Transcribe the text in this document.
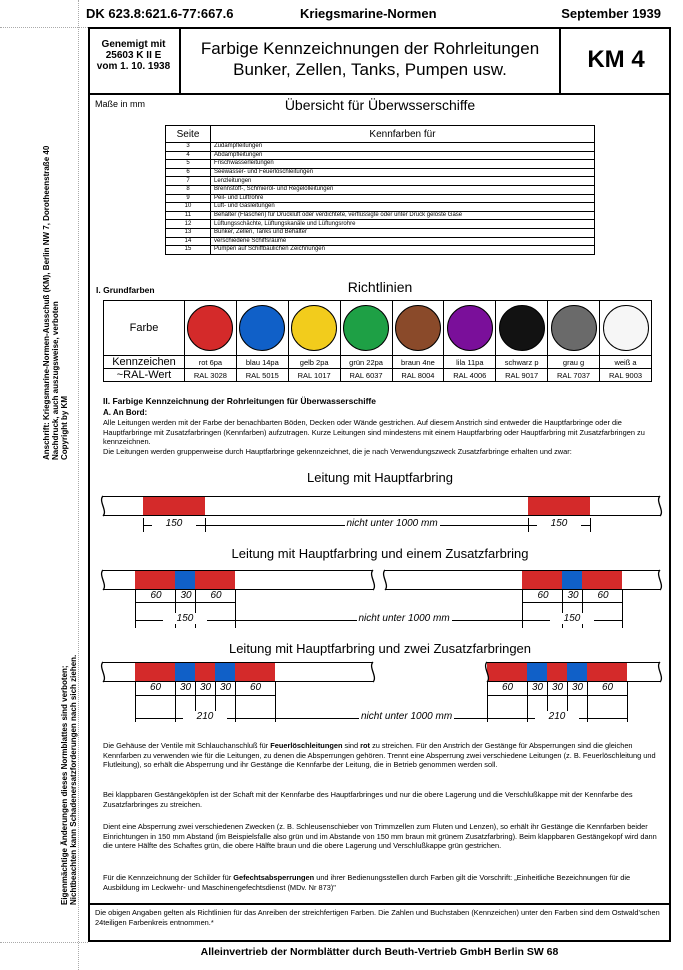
DK 623.8:621.6-77:667.6	Kriegsmarine-Normen	September 1939
Genemigt mit
25603 K II E
vom 1. 10. 1938
Farbige Kennzeichnungen der Rohrleitungen
Bunker, Zellen, Tanks, Pumpen usw.	KM 4
Anschrift: Kriegsmarine-Normen-Ausschuß (KM), Berlin NW 7, Dorotheenstraße 40 Nachdruck, auch auszugsweise, verboten Copyright by KM
Eigenmächtige Änderungen dieses Normblattes sind verboten; Nichtbeachten kann Schadenersatzforderungen nach sich ziehen.
Maße in mm	Übersicht für Überwsserschiffe
Seite	Kennfarben für
3	Zudampfleitungen
4	Abdampfleitungen
5	Frischwasserleitungen
6	Seewasser- und Feuerlöschleitungen
7	Lenzleitungen
8	Brennstoff-, Schmieröl- und Regelölleitungen
9	Peil- und Luftrohre
10	Luft- und Gasleitungen
11	Behälter (Flaschen) für Druckluft oder verdichtete, verflüssigte oder unter Druck gelöste Gase
12	Lüftungsschächte, Lüftungskanäle und Lüftungsrohre
13	Bunker, Zellen, Tanks und Behälter
14	verschiedene Schiffsräume
15	Pumpen auf Schiffbaulichen Zeichnungen
I. Grundfarben	Richtlinien
Farbe	

Kennzeichen	rot 6pa	blau 14pa	gelb 2pa	grün 22pa	braun 4ne	lila 11pa	schwarz p	grau g	weiß a
~RAL-Wert	RAL 3028	RAL 5015	RAL 1017	RAL 6037	RAL 8004	RAL 4006	RAL 9017	RAL 7037	RAL 9003
II. Farbige Kennzeichnung der Rohrleitungen für Überwasserschiffe
A. An Bord:
Alle Leitungen werden mit der Farbe der benachbarten Böden, Decken oder Wände gestrichen. Auf diesem Anstrich sind entweder die Hauptfarbringe oder die Hauptfarbringe mit Zusatzfarbringen (Kennfarben) aufzutragen. Kurze Leitungen sind mindestens mit einem Hauptfarbring oder Hauptfarbring mit Zusatzfarbringen zu kennzeichnen.
Die Leitungen werden gruppenweise durch Hauptfarbringe gekennzeichnet, die je nach Verwendungszweck Zusatzfarbringe erhalten und zwar:
Leitung mit Hauptfarbring
150	nicht unter 1000 mm	150
Leitung mit Hauptfarbring und einem Zusatzfarbring
60	30	60	60	30	60
150	nicht unter 1000 mm	150
Leitung mit Hauptfarbring und zwei Zusatzfarbringen
60	30 30 30	60	60	30 30 30	60
210	nicht unter 1000 mm	210
Die Gehäuse der Ventile mit Schlauchanschluß für Feuerlöschleitungen sind rot zu streichen. Für den Anstrich der Gestänge für Absperrungen sind die gleichen Kennfarben zu verwenden wie für die Leitungen, zu denen die Absperrungen gehören. Trennt eine Absperrung zwei verschiedene Leitungen (z. B. Feuerlöschleitung und Flutleitung), so erhält die Absperrung und ihr Gestänge die Kennfarbe der Leitung, die in Betrieb genommen werden soll.
Bei klappbaren Gestängeköpfen ist der Schaft mit der Kennfarbe des Hauptfarbringes und nur die obere Lagerung und die Verschlußkappe mit der Kennfarbe des Zusatzfarbringes zu streichen.
Dient eine Absperrung zwei verschiedenen Zwecken (z. B. Schleusenschieber von Trimmzellen zum Fluten und Lenzen), so erhält ihr Gestänge die Kennfarben beider Einrichtungen in 150 mm Abstand (im Beispielsfalle also grün und im Abstande von 150 mm braun mit grünem Zusatzfarbring). Beim klappbaren Gestängekopf wird dann die untere Hälfte des Schaftes grün, die obere Hälfte braun und die obere Lagerung und Verschlußkappe grün gestrichen.
Für die Kennzeichnung der Schilder für Gefechtsabsperrungen und ihrer Bedienungsstellen durch Farben gilt die Vorschrift: „Einheitliche Bezeichnungen für die Ausbildung im Leckwehr- und Maschinengefechtsdienst (MDv. Nr 873)"
Die obigen Angaben gelten als Richtlinien für das Anreiben der streichfertigen Farben. Die Zahlen und Buchstaben (Kennzeichen) unter den Farben sind dem Ostwald'schen 24teiligen Farbenkreis entnommen.*
Alleinvertrieb der Normblätter durch Beuth-Vertrieb GmbH Berlin SW 68
